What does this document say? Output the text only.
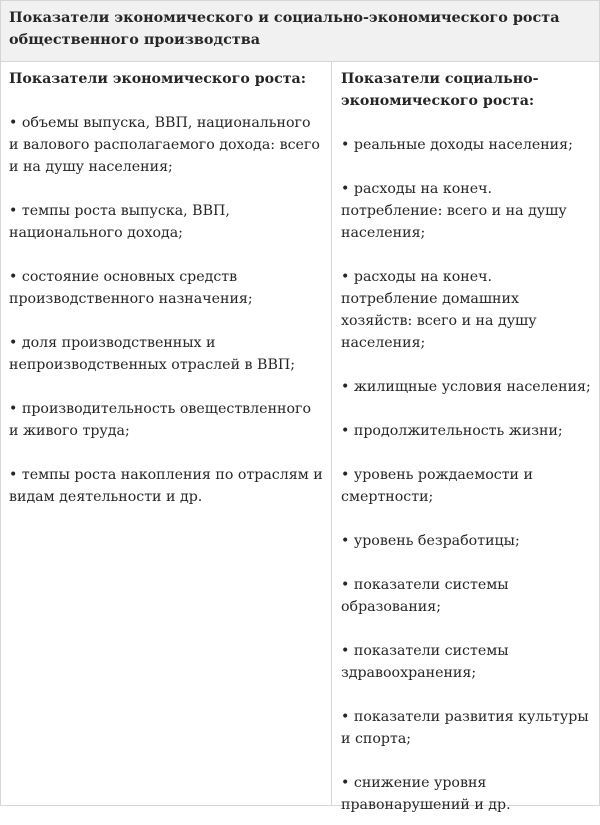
Показатели экономического и социально-экономического роста общественного производства
Показатели экономического роста:
• объемы выпуска, ВВП, национального и валового располагаемого дохода: всего и на душу населения;
• темпы роста выпуска, ВВП, национального дохода;
• состояние основных средств производственного назначения;
• доля производственных и непроизводственных отраслей в ВВП;
• производительность овеществленного и живого труда;
• темпы роста накопления по отраслям и видам деятельности и др.
Показатели социально-экономического роста:
• реальные доходы населения;
• расходы на конеч. потребление: всего и на душу населения;
• расходы на конеч. потребление домашних хозяйств: всего и на душу населения;
• жилищные условия населения;
• продолжительность жизни;
• уровень рождаемости и смертности;
• уровень безработицы;
• показатели системы образования;
• показатели системы здравоохранения;
• показатели развития культуры и спорта;
• снижение уровня правонарушений и др.
